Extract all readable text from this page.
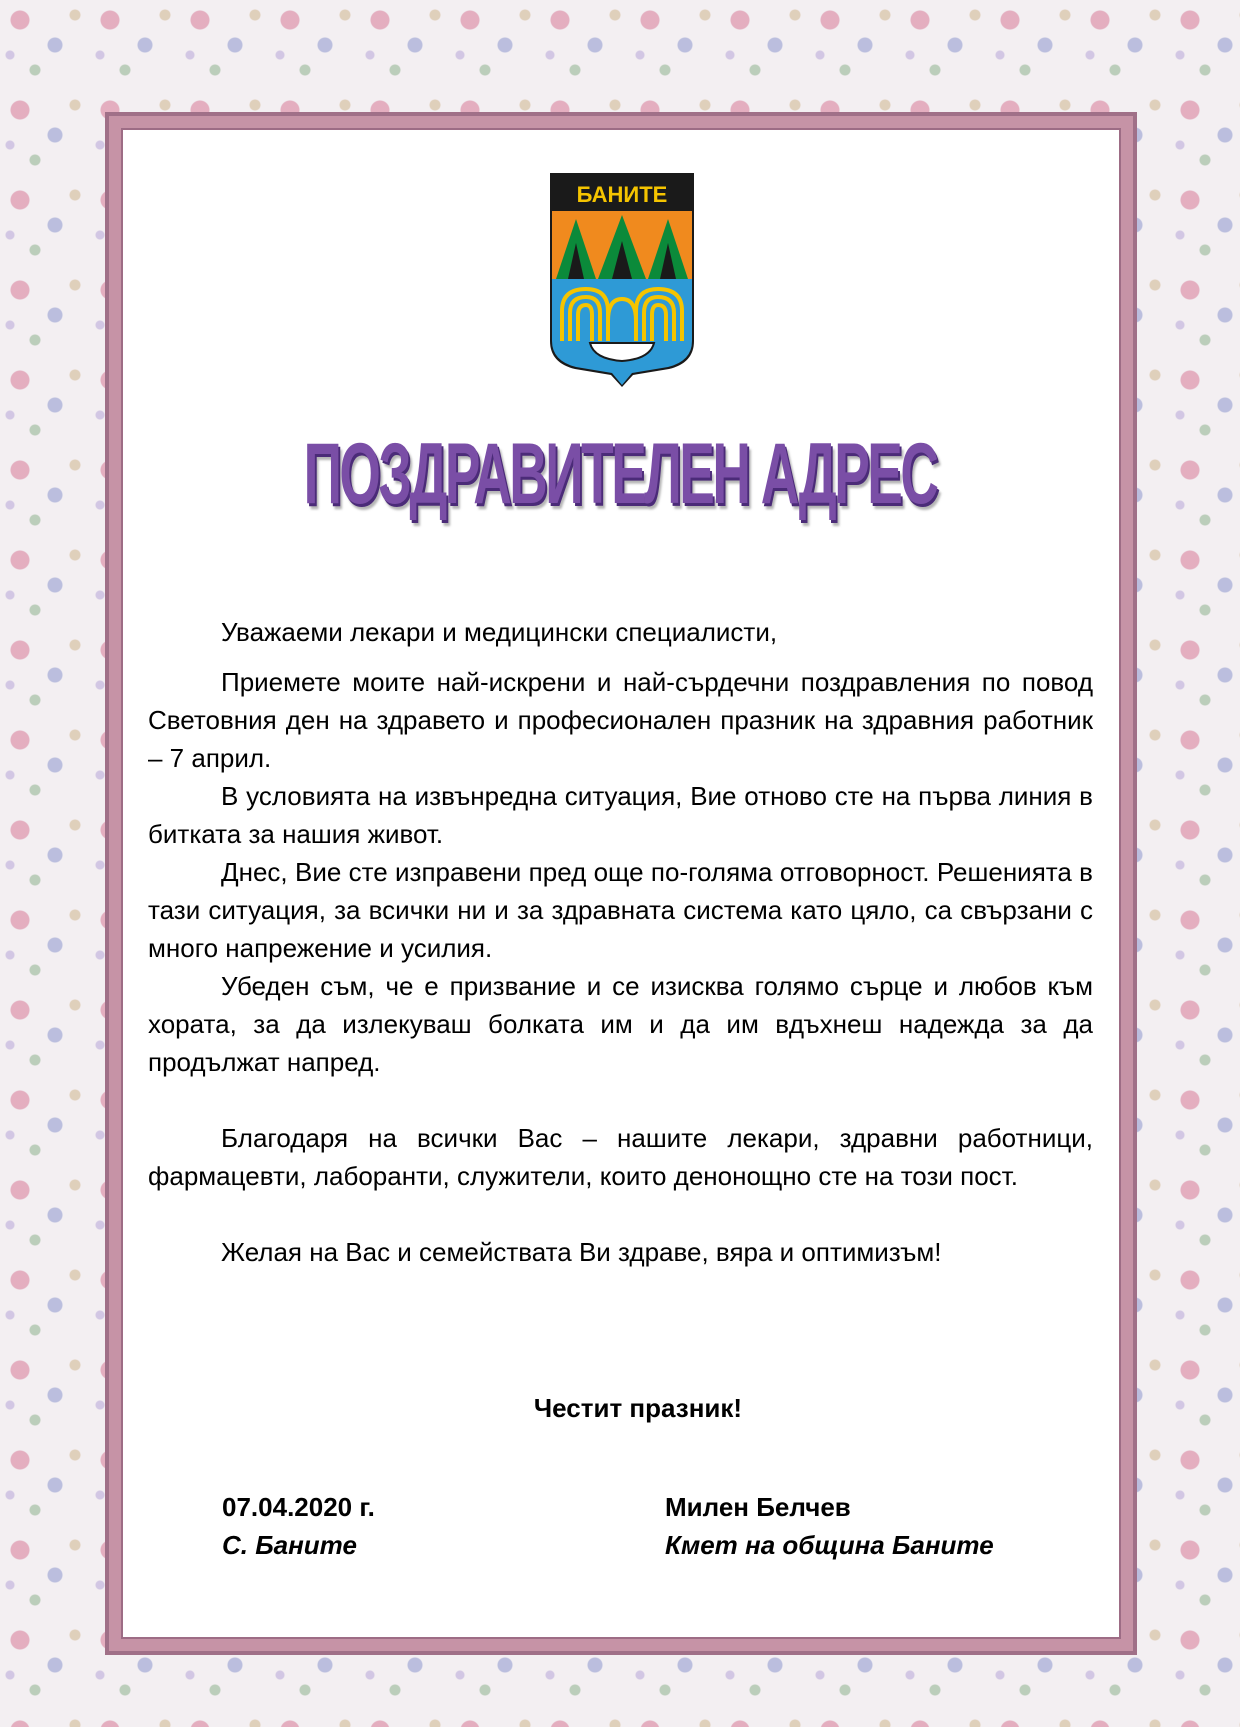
БАНИТЕ
ПОЗДРАВИТЕЛЕН АДРЕС

Уважаеми лекари и медицински специалисти,

Приемете моите най-искрени и най-сърдечни поздравления по повод Световния ден на здравето и професионален празник на здравния работник – 7 април.

В условията на извънредна ситуация, Вие отново сте на първа линия в битката за нашия живот.

Днес, Вие сте изправени пред още по-голяма отговорност. Решенията в тази ситуация, за всички ни и за здравната система като цяло, са свързани с много напрежение и усилия.

Убеден съм, че е призвание и се изисква голямо сърце и любов към хората, за да излекуваш болката им и да им вдъхнеш надежда за да продължат напред.

Благодаря на всички Вас – нашите лекари, здравни работници, фармацевти, лаборанти, служители, които денонощно сте на този пост.

Желая на Вас и семействата Ви здраве, вяра и оптимизъм!

Честит празник!
07.04.2020 г.
С. Баните
Милен Белчев
Кмет на община Баните
